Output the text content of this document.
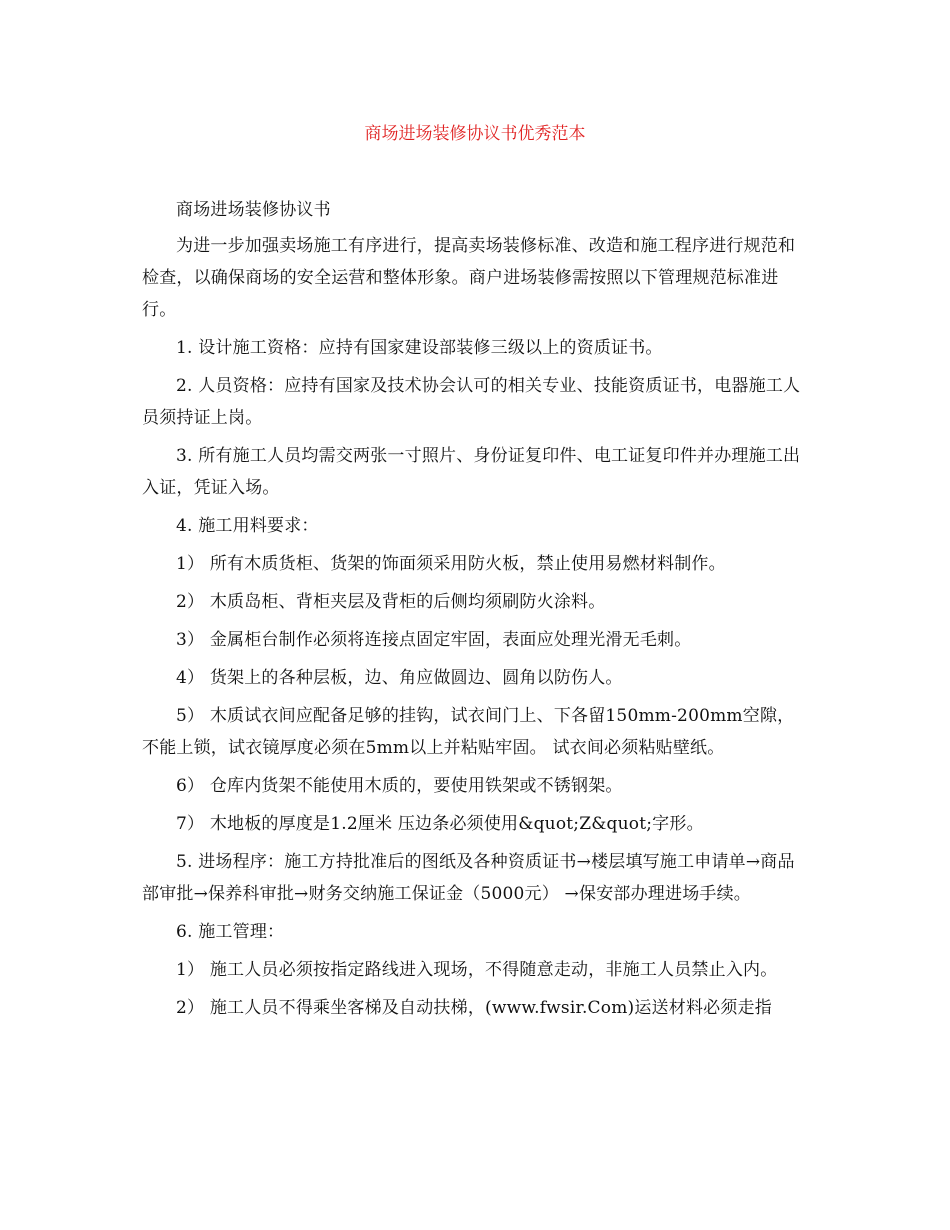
商场进场装修协议书优秀范本

商场进场装修协议书

为进一步加强卖场施工有序进行，提高卖场装修标准、改造和施工程序进行规范和检查，以确保商场的安全运营和整体形象。商户进场装修需按照以下管理规范标准进行。

1. 设计施工资格：应持有国家建设部装修三级以上的资质证书。

2. 人员资格：应持有国家及技术协会认可的相关专业、技能资质证书，电器施工人员须持证上岗。

3. 所有施工人员均需交两张一寸照片、身份证复印件、电工证复印件并办理施工出入证，凭证入场。

4. 施工用料要求：

1） 所有木质货柜、货架的饰面须采用防火板，禁止使用易燃材料制作。

2） 木质岛柜、背柜夹层及背柜的后侧均须刷防火涂料。

3） 金属柜台制作必须将连接点固定牢固，表面应处理光滑无毛刺。

4） 货架上的各种层板，边、角应做圆边、圆角以防伤人。

5） 木质试衣间应配备足够的挂钩，试衣间门上、下各留150mm-200mm空隙，不能上锁，试衣镜厚度必须在5mm以上并粘贴牢固。 试衣间必须粘贴壁纸。

6） 仓库内货架不能使用木质的，要使用铁架或不锈钢架。

7） 木地板的厚度是1.2厘米 压边条必须使用&quot;Z&quot;字形。

5. 进场程序：施工方持批准后的图纸及各种资质证书→楼层填写施工申请单→商品部审批→保养科审批→财务交纳施工保证金（5000元） →保安部办理进场手续。

6. 施工管理：

1） 施工人员必须按指定路线进入现场，不得随意走动，非施工人员禁止入内。

2） 施工人员不得乘坐客梯及自动扶梯，(www.fwsir.Com)运送材料必须走指
